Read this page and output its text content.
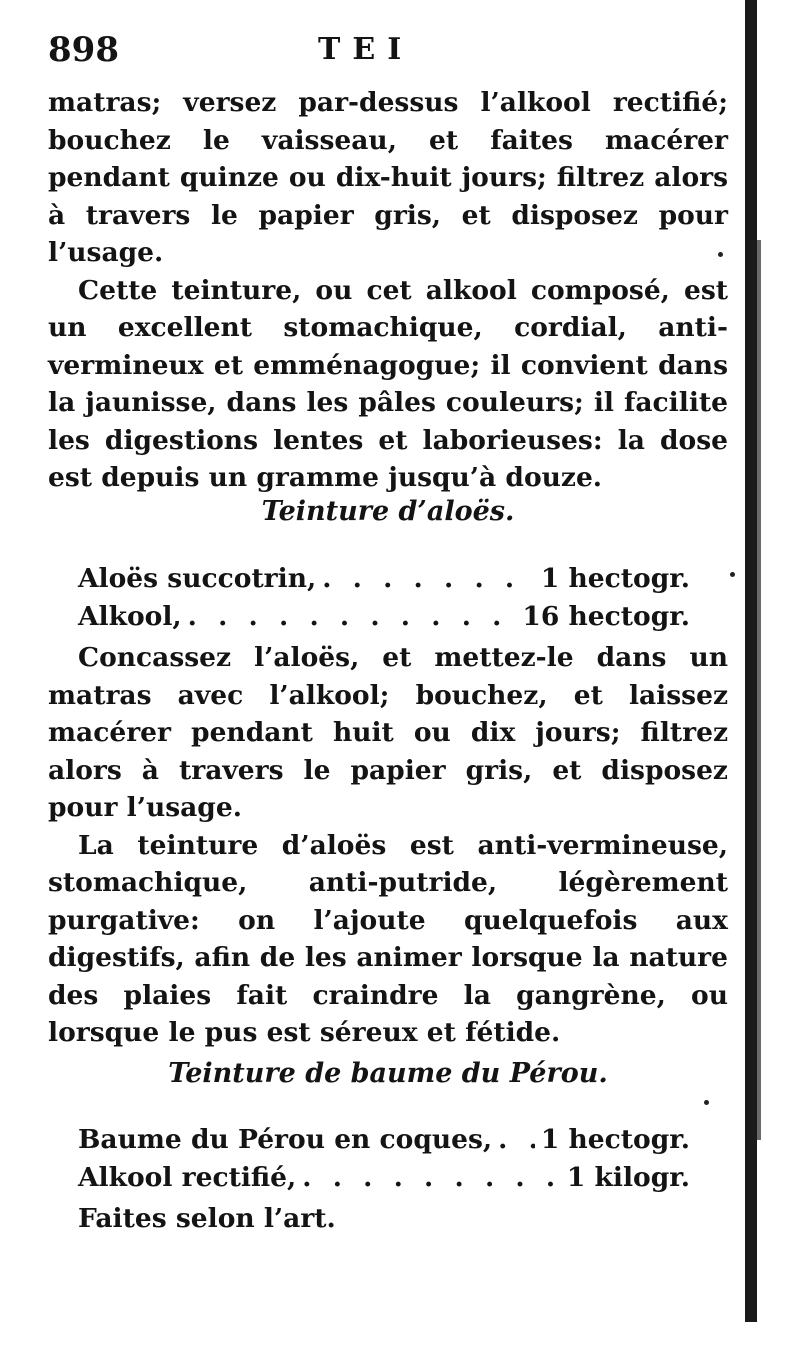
898	TEI

matras; versez par-dessus l’alkool rectifié; bouchez le vaisseau, et faites macérer pendant quinze ou dix-huit jours; filtrez alors à travers le papier gris, et disposez pour l’usage.

Cette teinture, ou cet alkool composé, est un excellent stomachique, cordial, anti-vermineux et emménagogue; il convient dans la jaunisse, dans les pâles couleurs; il facilite les digestions lentes et laborieuses: la dose est depuis un gramme jusqu’à douze.

Teinture d’aloës.
Aloës succotrin, . . .	1 hectogr.
Alkool, . . .	16 hectogr.

Concassez l’aloës, et mettez-le dans un matras avec l’alkool; bouchez, et laissez macérer pendant huit ou dix jours; filtrez alors à travers le papier gris, et disposez pour l’usage.

La teinture d’aloës est anti-vermineuse, stomachique, anti-putride, légèrement purgative: on l’ajoute quelquefois aux digestifs, afin de les animer lorsque la nature des plaies fait craindre la gangrène, ou lorsque le pus est séreux et fétide.

Teinture de baume du Pérou.
Baume du Pérou en coques, . . . 1 hectogr.
Alkool rectifié, . . .	1 kilogr.

Faites selon l’art.
